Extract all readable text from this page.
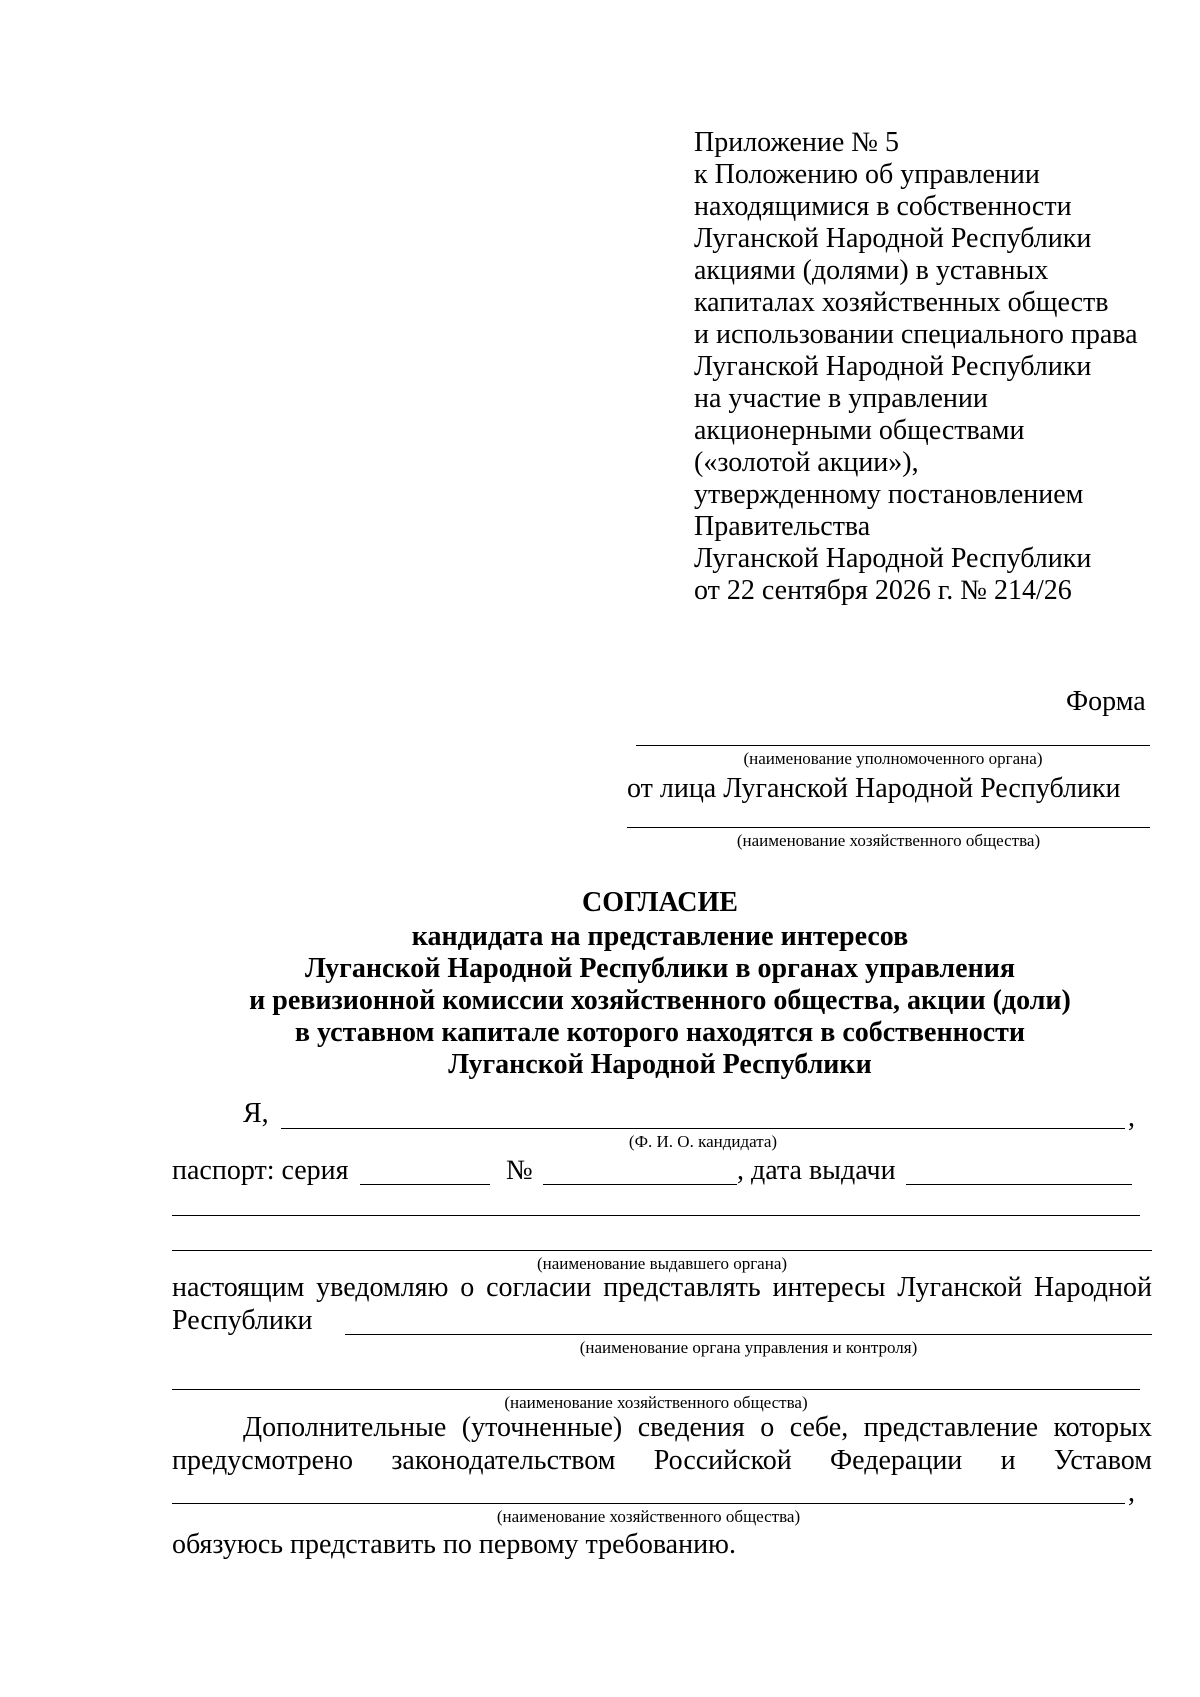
Приложение № 5
к Положению об управлении
находящимися в собственности
Луганской Народной Республики
акциями (долями) в уставных
капиталах хозяйственных обществ
и использовании специального права
Луганской Народной Республики
на участие в управлении
акционерными обществами
(«золотой акции»),
утвержденному постановлением
Правительства
Луганской Народной Республики
от 22 сентября 2026 г. № 214/26
Форма
(наименование уполномоченного органа)
от лица Луганской Народной Республики
(наименование хозяйственного общества)
СОГЛАСИЕ
кандидата на представление интересов
Луганской Народной Республики в органах управления
и ревизионной комиссии хозяйственного общества, акции (доли)
в уставном капитале которого находятся в собственности
Луганской Народной Республики
Я,	,
(Ф. И. О. кандидата)
паспорт: серия	№	, дата выдачи
(наименование выдавшего органа)
настоящим уведомляю о согласии представлять интересы Луганской Народной
Республики
(наименование органа управления и контроля)
(наименование хозяйственного общества)
Дополнительные (уточненные) сведения о себе, представление которых
предусмотрено законодательством Российской Федерации и Уставом
,
(наименование хозяйственного общества)
обязуюсь представить по первому требованию.
